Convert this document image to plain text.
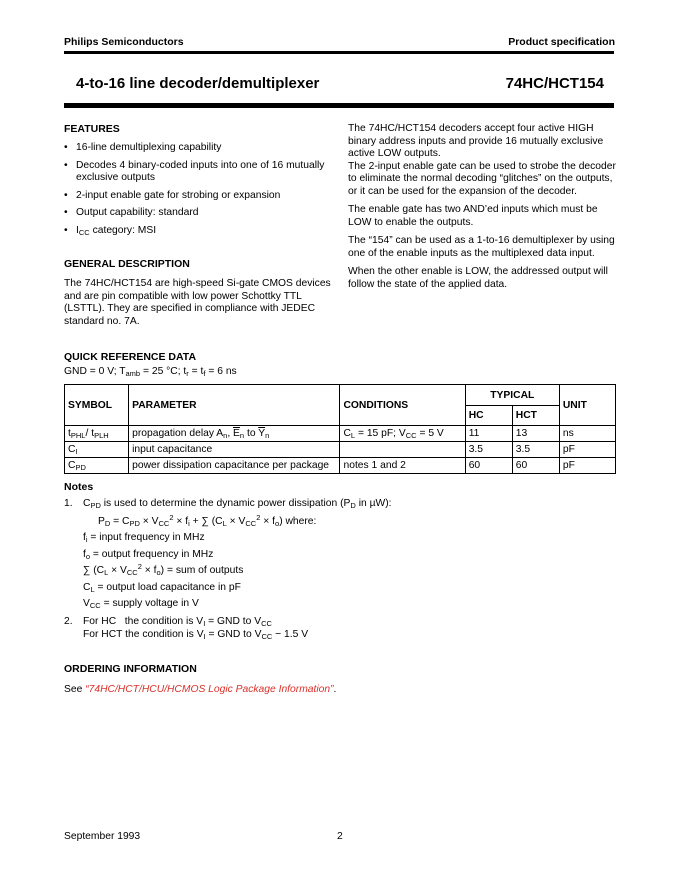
Philips Semiconductors	Product specification
4-to-16 line decoder/demultiplexer	74HC/HCT154
FEATURES
• 16-line demultiplexing capability
• Decodes 4 binary-coded inputs into one of 16 mutually exclusive outputs
• 2-input enable gate for strobing or expansion
• Output capability: standard
• $I_{CC}$ category: MSI
GENERAL DESCRIPTION
The 74HC/HCT154 are high-speed Si-gate CMOS devices and are pin compatible with low power Schottky TTL (LSTTL). They are specified in compliance with JEDEC standard no. 7A.
The 74HC/HCT154 decoders accept four active HIGH binary address inputs and provide 16 mutually exclusive active LOW outputs.
The 2-input enable gate can be used to strobe the decoder to eliminate the normal decoding “glitches” on the outputs, or it can be used for the expansion of the decoder.
The enable gate has two AND’ed inputs which must be LOW to enable the outputs.
The “154” can be used as a 1-to-16 demultiplexer by using one of the enable inputs as the multiplexed data input.
When the other enable is LOW, the addressed output will follow the state of the applied data.
QUICK REFERENCE DATA
GND = 0 V; $T_{amb} = 25$ °C; $t_r = t_f = 6$ ns
SYMBOL	PARAMETER	CONDITIONS	TYPICAL		UNIT
			HC	HCT	
$t_{PHL}/$ $t_{PLH}$	propagation delay $A_n$, $\overline{E}_n$ to $\overline{Y}_n$	$C_L = 15$ pF; $V_{CC} = 5$ V	11	13	ns
$C_I$	input capacitance		3.5	3.5	pF
$C_{PD}$	power dissipation capacitance per package	notes 1 and 2	60	60	pF
Notes
1. $C_{PD}$ is used to determine the dynamic power dissipation ($P_D$ in µW):
$P_D = C_{PD} \times V_{CC}^2 \times f_i$ + ∑ $(C_L \times V_{CC}^2 \times f_o)$ where:
$f_i$ = input frequency in MHz
$f_o$ = output frequency in MHz
∑ $(C_L \times V_{CC}^2 \times f_o)$ = sum of outputs
$C_L$ = output load capacitance in pF
$V_{CC}$ = supply voltage in V
2. For HC   the condition is $V_I$ = GND to $V_{CC}$
For HCT the condition is $V_I$ = GND to $V_{CC} - 1.5$ V
ORDERING INFORMATION
See “74HC/HCT/HCU/HCMOS Logic Package Information”.
September 1993	2
